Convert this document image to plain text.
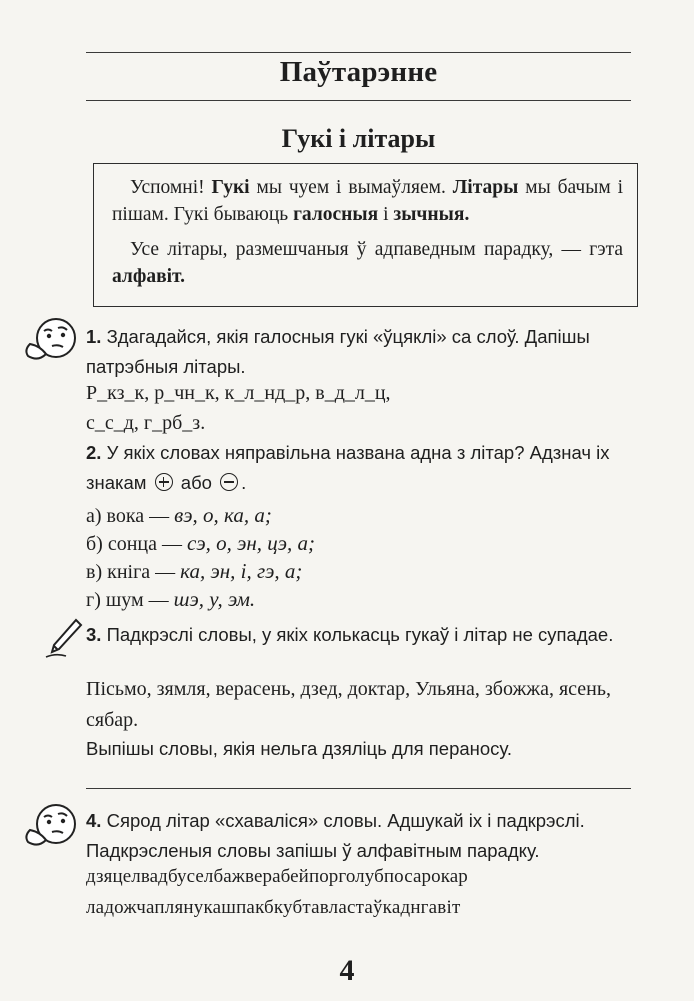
Паўтарэнне
Гукі і літары

Успомні! Гукі мы чуем і вымаўляем. Літары мы бачым і пішам. Гукі бываюць галосныя і зычныя.

Усе літары, размешчаныя ў адпаведным парадку, — гэта алфавіт.

1. Здагадайся, якія галосныя гукі «ўцяклі» са слоў. Дапішы патрэбныя літары.
Р_кз_к, р_чн_к, к_л_нд_р, в_д_л_ц,
с_с_д, г_рб_з.
2. У якіх словах няправільна названа адна з літар? Адзнач іх знакам або .
а) вока — вэ, о, ка, а;
б) сонца — сэ, о, эн, цэ, а;
в) кніга — ка, эн, і, гэ, а;
г) шум — шэ, у, эм.
3. Падкрэслі словы, у якіх колькасць гукаў і літар не супадае.
Пісьмо, зямля, верасень, дзед, доктар, Ульяна, збожжа, ясень, сябар.
Выпішы словы, якія нельга дзяліць для пераносу.
4. Сярод літар «схаваліся» словы. Адшукай іх і падкрэслі. Падкрэсленыя словы запішы ў алфавітным парадку.
дзяцелвадбуселбажверабейпорголубпосарокар
ладожчаплянукашпакбкубтавластаўкаднгавіт
4
